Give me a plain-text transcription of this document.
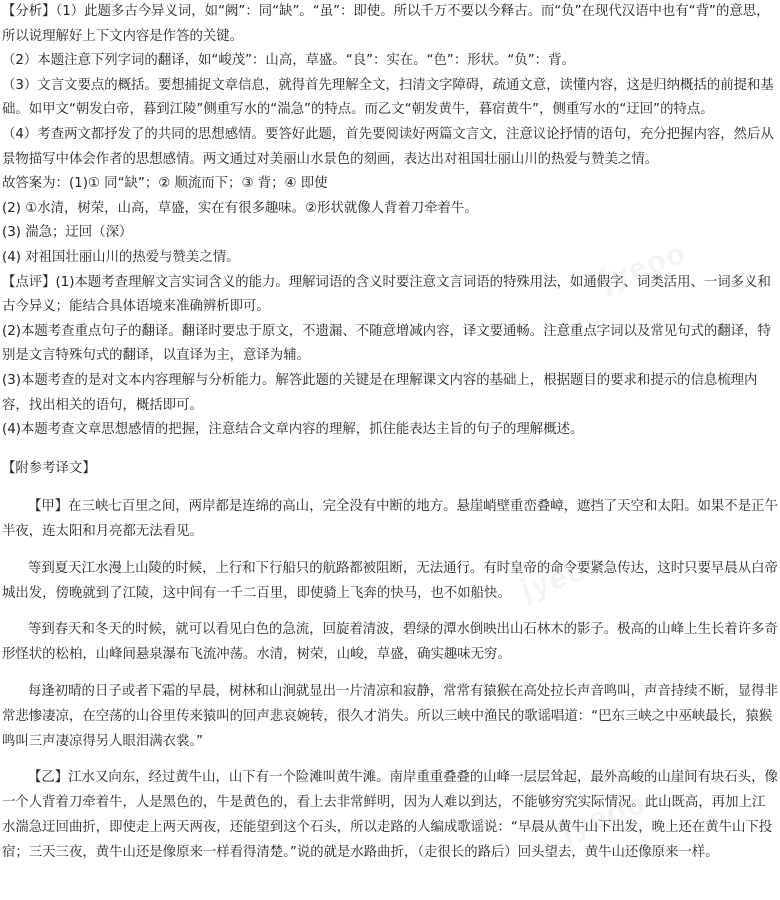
jyeoo
jyeoo
jyeoo

【分析】（1）此题多古今异义词，如“阙”：同“缺”。“虽”：即使。所以千万不要以今释古。而“负”在现代汉语中也有“背”的意思，所以说理解好上下文内容是作答的关键。

（2）本题注意下列字词的翻译，如“峻茂”：山高，草盛。“良”：实在。“色”：形状。“负”：背。

（3）文言文要点的概括。要想捕捉文章信息，就得首先理解全文，扫清文字障碍，疏通文意，读懂内容，这是归纳概括的前提和基础。如甲文“朝发白帝，暮到江陵”侧重写水的“湍急”的特点。而乙文“朝发黄牛，暮宿黄牛”，侧重写水的“迂回”的特点。

（4）考查两文都抒发了的共同的思想感情。要答好此题，首先要阅读好两篇文言文，注意议论抒情的语句，充分把握内容，然后从景物描写中体会作者的思想感情。两文通过对美丽山水景色的刻画，表达出对祖国壮丽山川的热爱与赞美之情。

故答案为：(1)① 同“缺”；② 顺流而下；③ 背；④ 即使

(2) ①水清，树荣，山高，草盛，实在有很多趣味。②形状就像人背着刀牵着牛。

(3) 湍急；迂回（深）

(4) 对祖国壮丽山川的热爱与赞美之情。

【点评】(1)本题考查理解文言实词含义的能力。理解词语的含义时要注意文言词语的特殊用法，如通假字、词类活用、一词多义和古今异义；能结合具体语境来准确辨析即可。

(2)本题考查重点句子的翻译。翻译时要忠于原文，不遗漏、不随意增减内容，译文要通畅。注意重点字词以及常见句式的翻译，特别是文言特殊句式的翻译，以直译为主，意译为辅。

(3)本题考查的是对文本内容理解与分析能力。解答此题的关键是在理解课文内容的基础上，根据题目的要求和提示的信息梳理内容，找出相关的语句，概括即可。

(4)本题考查文章思想感情的把握，注意结合文章内容的理解，抓住能表达主旨的句子的理解概述。

【附参考译文】

【甲】在三峡七百里之间，两岸都是连绵的高山，完全没有中断的地方。悬崖峭壁重峦叠嶂，遮挡了天空和太阳。如果不是正午半夜，连太阳和月亮都无法看见。

等到夏天江水漫上山陵的时候，上行和下行船只的航路都被阻断，无法通行。有时皇帝的命令要紧急传达，这时只要早晨从白帝城出发，傍晚就到了江陵，这中间有一千二百里，即使骑上飞奔的快马，也不如船快。

等到春天和冬天的时候，就可以看见白色的急流，回旋着清波，碧绿的潭水倒映出山石林木的影子。极高的山峰上生长着许多奇形怪状的松柏，山峰间悬泉瀑布飞流冲荡。水清，树荣，山峻，草盛，确实趣味无穷。

每逢初晴的日子或者下霜的早晨，树林和山涧就显出一片清凉和寂静，常常有猿猴在高处拉长声音鸣叫，声音持续不断，显得非常悲惨凄凉，在空荡的山谷里传来猿叫的回声悲哀婉转，很久才消失。所以三峡中渔民的歌谣唱道：“巴东三峡之中巫峡最长，猿猴鸣叫三声凄凉得另人眼泪满衣裳。”

【乙】江水又向东，经过黄牛山，山下有一个险滩叫黄牛滩。南岸重重叠叠的山峰一层层耸起，最外高峻的山崖间有块石头，像一个人背着刀牵着牛，人是黑色的，牛是黄色的，看上去非常鲜明，因为人难以到达，不能够穷究实际情况。此山既高，再加上江水湍急迂回曲折，即使走上两天两夜，还能望到这个石头，所以走路的人编成歌谣说：“早晨从黄牛山下出发，晚上还在黄牛山下投宿；三天三夜，黄牛山还是像原来一样看得清楚。”说的就是水路曲折，（走很长的路后）回头望去，黄牛山还像原来一样。
